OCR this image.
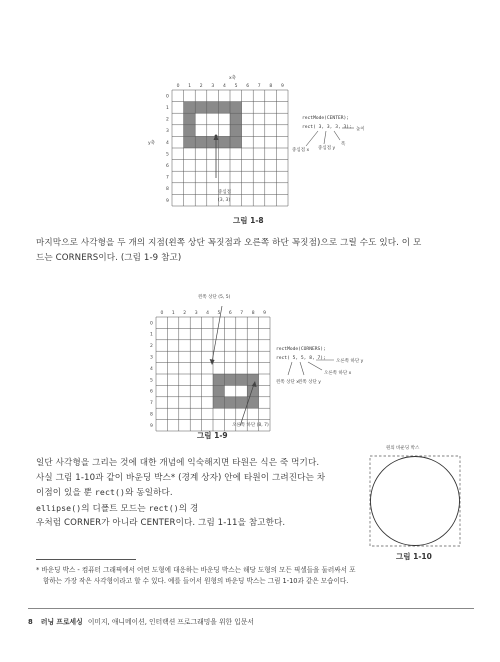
0 1 2 3 4 5 6 7 8 9
0
1
2
3
4
5
6
7
8
9
x축
y축
rectMode(CENTER);
rect( 3, 3, 3, 3);
중심점 x 중심점 y
폭
높이
중심점
(3, 3)
그림 1-8
마지막으로 사각형을 두 개의 지점(왼쪽 상단 꼭짓점과 오른쪽 하단 꼭짓점)으로 그릴 수도 있다. 이 모
드는 CORNERS이다. (그림 1-9 참고)
0 1 2 3 4 5 6 7 8 9
0
1
2
3
4
5
6
7
8
9
왼쪽 상단 (5, 5)
rectMode(CORNERS);
rect( 5, 5, 8, 7);
왼쪽 상단 x 왼쪽 상단 y
오른쪽 하단 x
오른쪽 하단 y
오른쪽 하단 (8, 7)
그림 1-9
일단 사각형을 그리는 것에 대한 개념에 익숙해지면 타원은 식은 죽 먹기다.
사실 그림 1-10과 같이 바운딩 박스* (경계 상자) 안에 타원이 그려진다는 차
이점이 있을 뿐 rect()와 동일하다.
ellipse()의 디폴트 모드는 rect()의 경
우처럼 CORNER가 아니라 CENTER이다. 그림 1-11을 참고한다.
원의 바운딩 박스
그림 1-10
* 바운딩 박스 - 컴퓨터 그래픽에서 어떤 도형에 대응하는 바운딩 박스는 해당 도형의 모든 픽셀들을 둘러싸서 포
함하는 가장 작은 사각형이라고 할 수 있다. 예를 들어서 원형의 바운딩 박스는 그림 1-10과 같은 모습이다.
8 러닝 프로세싱 이미지, 애니메이션, 인터랙션 프로그래밍을 위한 입문서
